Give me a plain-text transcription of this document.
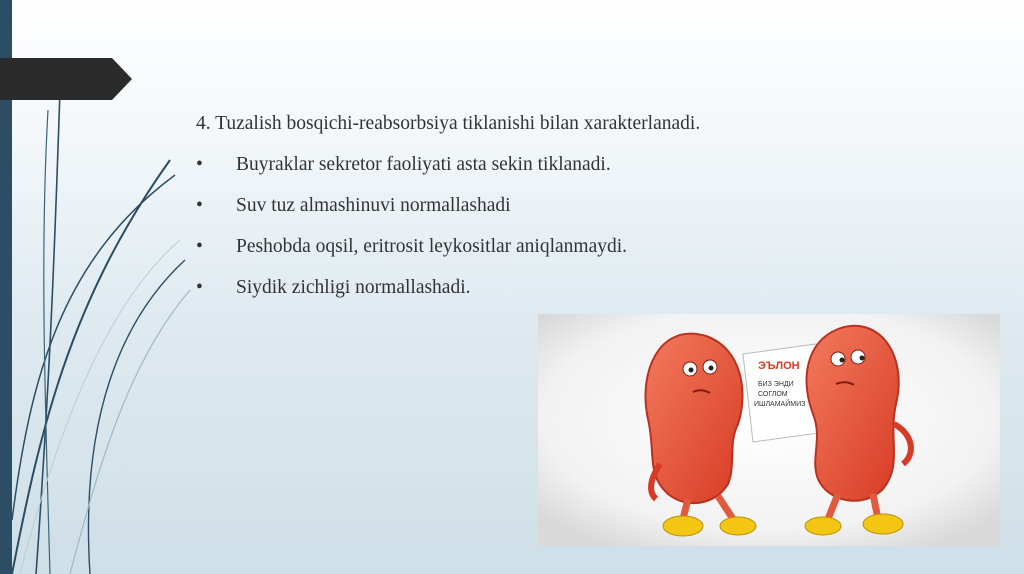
4. Tuzalish bosqichi-reabsorbsiya tiklanishi bilan xarakterlanadi.
•	Buyraklar sekretor faoliyati asta sekin tiklanadi.
•	Suv tuz almashinuvi normallashadi
•	Peshobda oqsil, eritrosit leykositlar aniqlanmaydi.
•	Siydik zichligi normallashadi.
ЭЪЛОН
БИЗ ЭНДИ
СОГЛОМ
ИШЛАМАЙМИЗ
